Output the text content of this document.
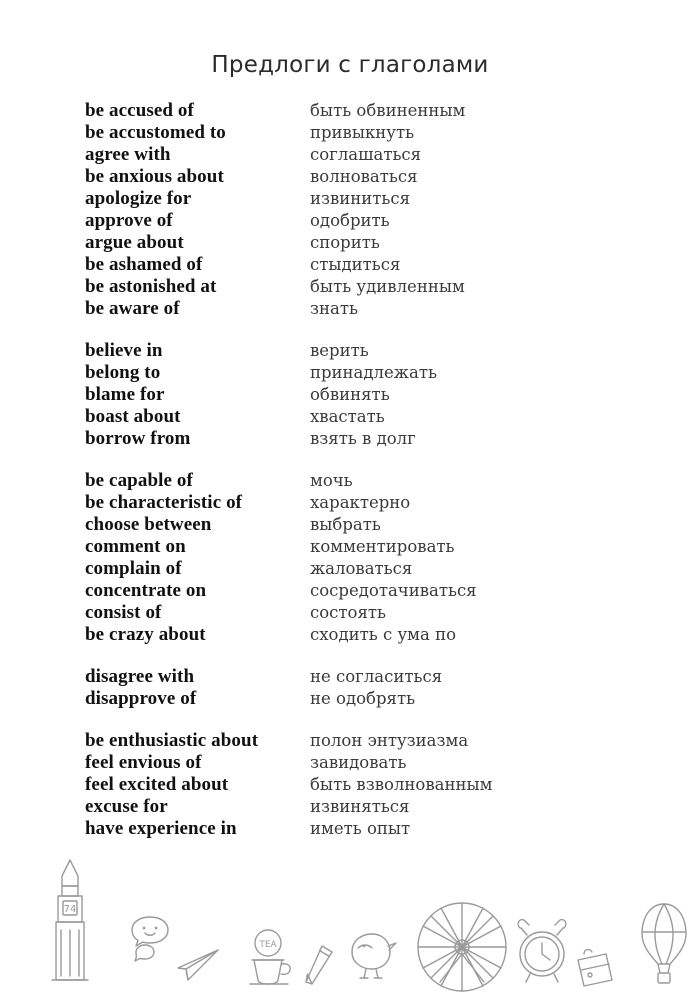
Предлоги с глаголами
be accused of	быть обвиненным
be accustomed to	привыкнуть
agree with	соглашаться
be anxious about	волноваться
apologize for	извиниться
approve of	одобрить
argue about	спорить
be ashamed of	стыдиться
be astonished at	быть удивленным
be aware of	знать
believe in	верить
belong to	принадлежать
blame for	обвинять
boast about	хвастать
borrow from	взять в долг
be capable of	мочь
be characteristic of	характерно
choose between	выбрать
comment on	комментировать
complain of	жаловаться
concentrate on	сосредотачиваться
consist of	состоять
be crazy about	сходить с ума по
disagree with	не согласиться
disapprove of	не одобрять
be enthusiastic about	полон энтузиазма
feel envious of	завидовать
feel excited about	быть взволнованным
excuse for	извиняться
have experience in	иметь опыт
74
TEA
